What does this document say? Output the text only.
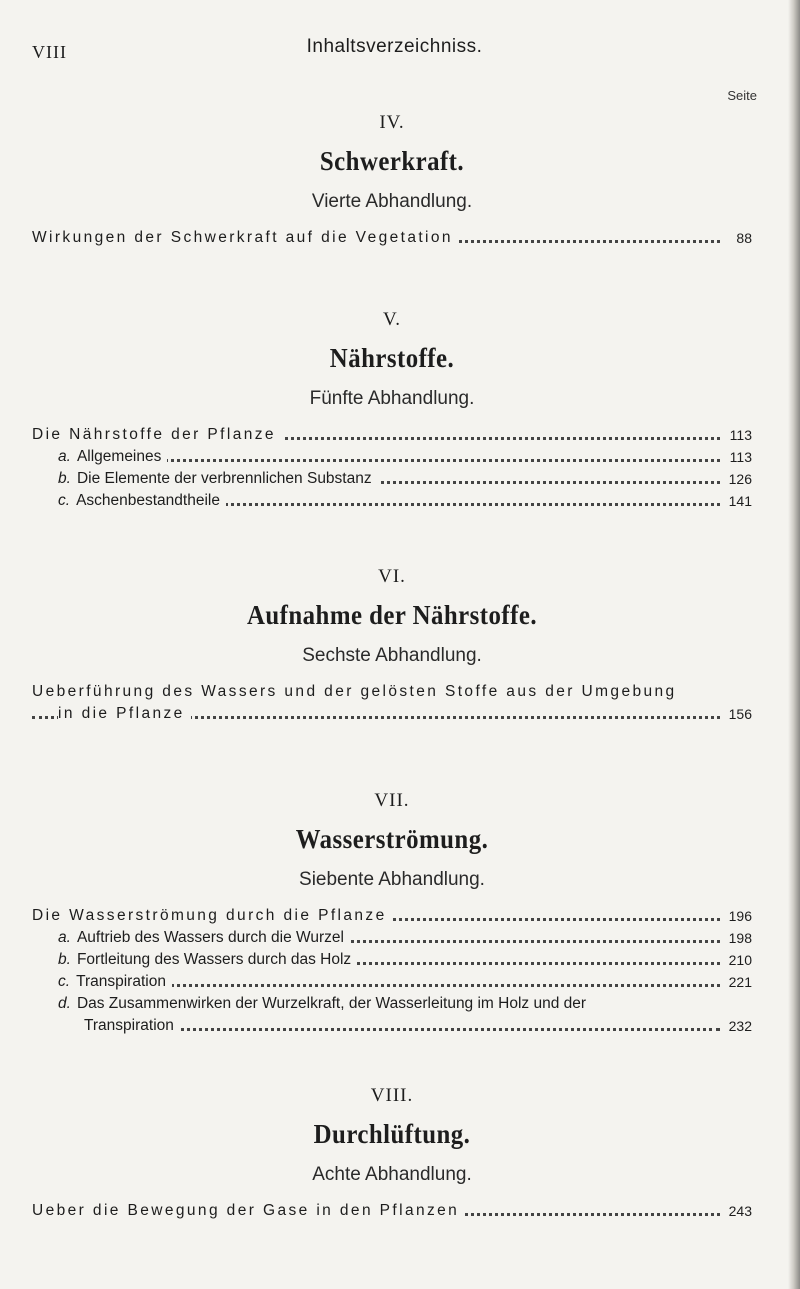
VIII	Inhaltsverzeichniss.
Seite
IV.
Schwerkraft.
Vierte Abhandlung.
Wirkungen der Schwerkraft auf die Vegetation	88
V.
Nährstoffe.
Fünfte Abhandlung.
Die Nährstoffe der Pflanze	113
a. Allgemeines	113
b. Die Elemente der verbrennlichen Substanz	126
c. Aschenbestandtheile	141
VI.
Aufnahme der Nährstoffe.
Sechste Abhandlung.
Ueberführung des Wassers und der gelösten Stoffe aus der Umgebung
in die Pflanze	156
VII.
Wasserströmung.
Siebente Abhandlung.
Die Wasserströmung durch die Pflanze	196
a. Auftrieb des Wassers durch die Wurzel	198
b. Fortleitung des Wassers durch das Holz	210
c. Transpiration	221
d. Das Zusammenwirken der Wurzelkraft, der Wasserleitung im Holz und der
Transpiration	232
VIII.
Durchlüftung.
Achte Abhandlung.
Ueber die Bewegung der Gase in den Pflanzen	243
